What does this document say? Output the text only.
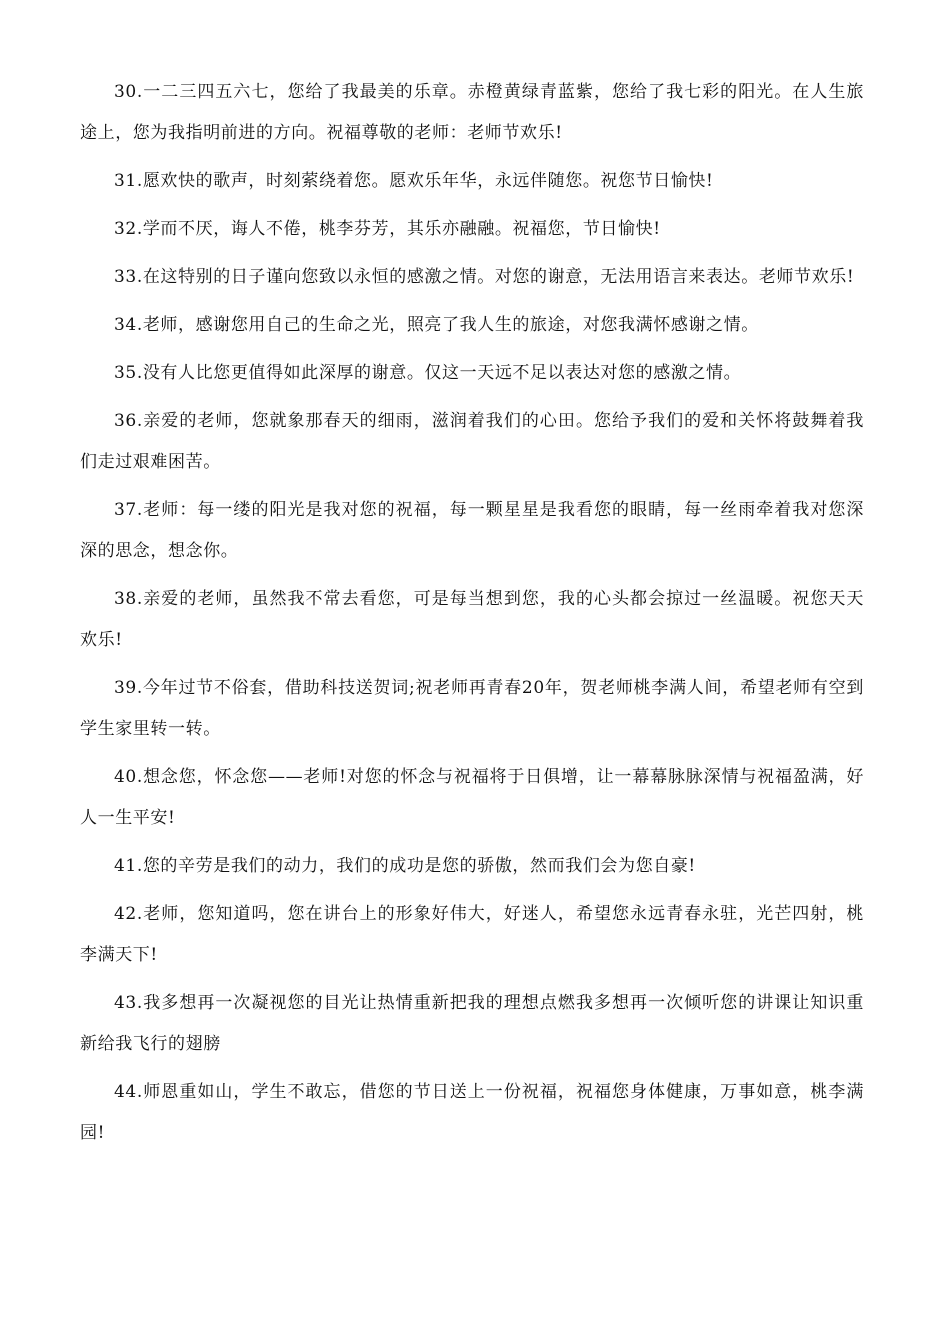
30.一二三四五六七，您给了我最美的乐章。赤橙黄绿青蓝紫，您给了我七彩的阳光。在人生旅途上，您为我指明前进的方向。祝福尊敬的老师：老师节欢乐!

31.愿欢快的歌声，时刻萦绕着您。愿欢乐年华，永远伴随您。祝您节日愉快!

32.学而不厌，诲人不倦，桃李芬芳，其乐亦融融。祝福您，节日愉快!

33.在这特别的日子谨向您致以永恒的感激之情。对您的谢意，无法用语言来表达。老师节欢乐!

34.老师，感谢您用自己的生命之光，照亮了我人生的旅途，对您我满怀感谢之情。

35.没有人比您更值得如此深厚的谢意。仅这一天远不足以表达对您的感激之情。

36.亲爱的老师，您就象那春天的细雨，滋润着我们的心田。您给予我们的爱和关怀将鼓舞着我们走过艰难困苦。

37.老师：每一缕的阳光是我对您的祝福，每一颗星星是我看您的眼睛，每一丝雨牵着我对您深深的思念，想念你。

38.亲爱的老师，虽然我不常去看您，可是每当想到您，我的心头都会掠过一丝温暖。祝您天天欢乐!

39.今年过节不俗套，借助科技送贺词;祝老师再青春20年，贺老师桃李满人间，希望老师有空到学生家里转一转。

40.想念您，怀念您——老师!对您的怀念与祝福将于日俱增，让一幕幕脉脉深情与祝福盈满，好人一生平安!

41.您的辛劳是我们的动力，我们的成功是您的骄傲，然而我们会为您自豪!

42.老师，您知道吗，您在讲台上的形象好伟大，好迷人，希望您永远青春永驻，光芒四射，桃李满天下!

43.我多想再一次凝视您的目光让热情重新把我的理想点燃我多想再一次倾听您的讲课让知识重新给我飞行的翅膀

44.师恩重如山，学生不敢忘，借您的节日送上一份祝福，祝福您身体健康，万事如意，桃李满园!
